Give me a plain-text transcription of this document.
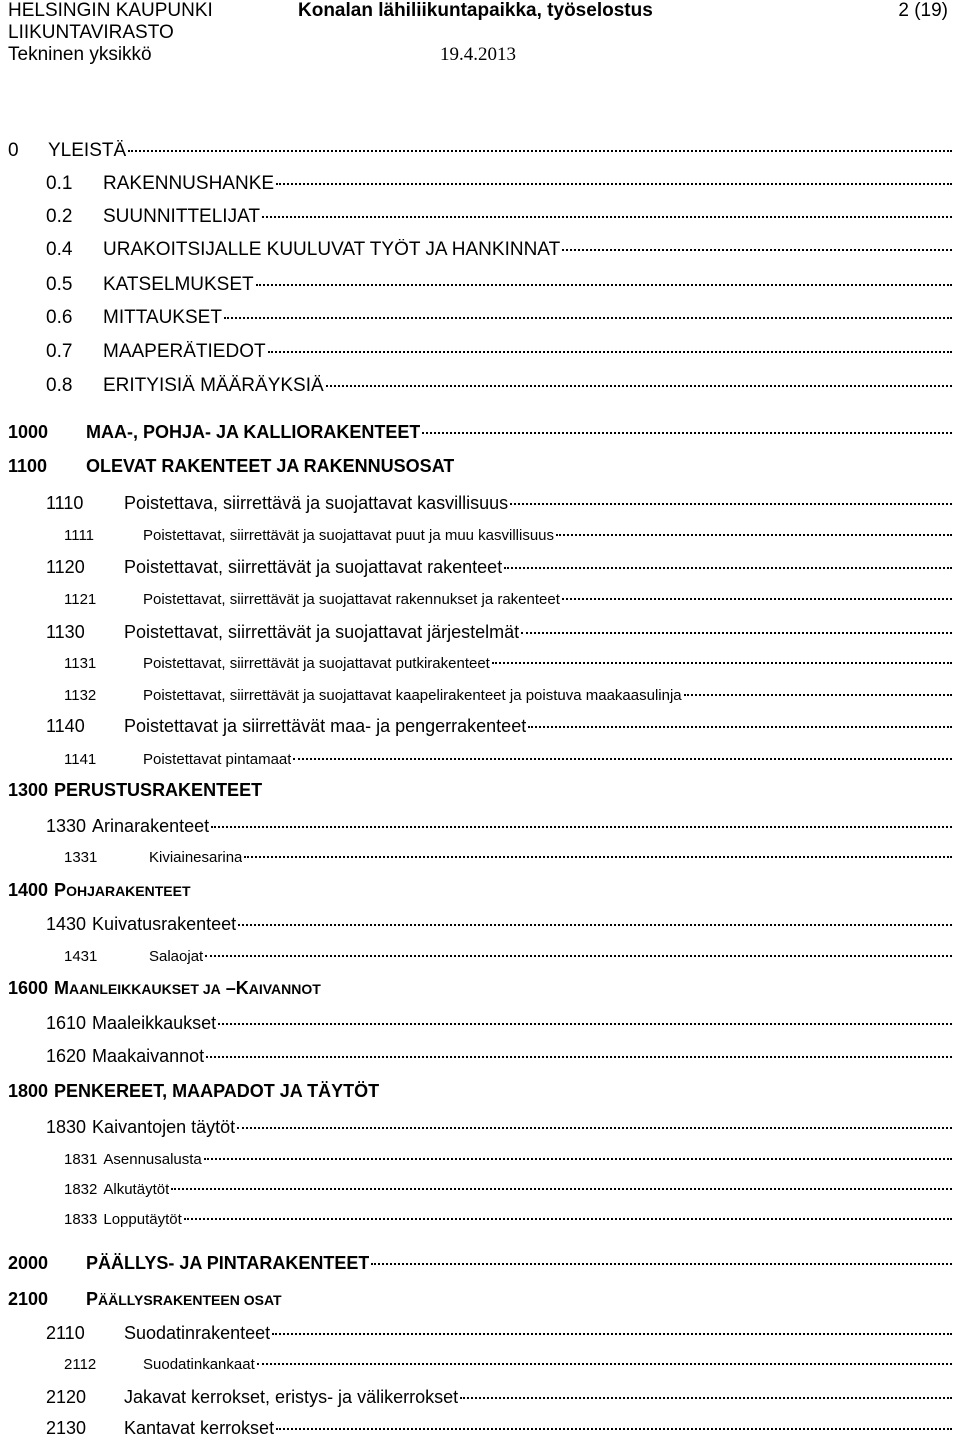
HELSINGIN KAUPUNKI
LIIKUNTAVIRASTO
Tekninen yksikkö
Konalan lähiliikuntapaikka, työselostus	2 (19)
19.4.2013
0	YLEISTÄ
0.1	RAKENNUSHANKE
0.2	SUUNNITTELIJAT
0.4	URAKOITSIJALLE KUULUVAT TYÖT JA HANKINNAT
0.5	KATSELMUKSET
0.6	MITTAUKSET
0.7	MAAPERÄTIEDOT
0.8	ERITYISIÄ MÄÄRÄYKSIÄ
1000	MAA-, POHJA- JA KALLIORAKENTEET
1100	OLEVAT RAKENTEET JA RAKENNUSOSAT
1110	Poistettava, siirrettävä ja suojattavat kasvillisuus
1111	Poistettavat, siirrettävät ja suojattavat puut ja muu kasvillisuus
1120	Poistettavat, siirrettävät ja suojattavat rakenteet
1121	Poistettavat, siirrettävät ja suojattavat rakennukset ja rakenteet
1130	Poistettavat, siirrettävät ja suojattavat järjestelmät
1131	Poistettavat, siirrettävät ja suojattavat putkirakenteet
1132	Poistettavat, siirrettävät ja suojattavat kaapelirakenteet ja poistuva maakaasulinja
1140	Poistettavat ja siirrettävät maa- ja pengerrakenteet
1141	Poistettavat pintamaat
1300 PERUSTUSRAKENTEET
1330 Arinarakenteet
1331	Kiviainesarina
1400 POHJARAKENTEET
1430 Kuivatusrakenteet
1431	Salaojat
1600 MAANLEIKKAUKSET JA –KAIVANNOT
1610 Maaleikkaukset
1620 Maakaivannot
1800 PENKEREET, MAAPADOT JA TÄYTÖT
1830 Kaivantojen täytöt
1831 Asennusalusta
1832 Alkutäytöt
1833 Lopputäytöt
2000	PÄÄLLYS- JA PINTARAKENTEET
2100	PÄÄLLYSRAKENTEEN OSAT
2110	Suodatinrakenteet
2112	Suodatinkankaat
2120	Jakavat kerrokset, eristys- ja välikerrokset
2130	Kantavat kerrokset
